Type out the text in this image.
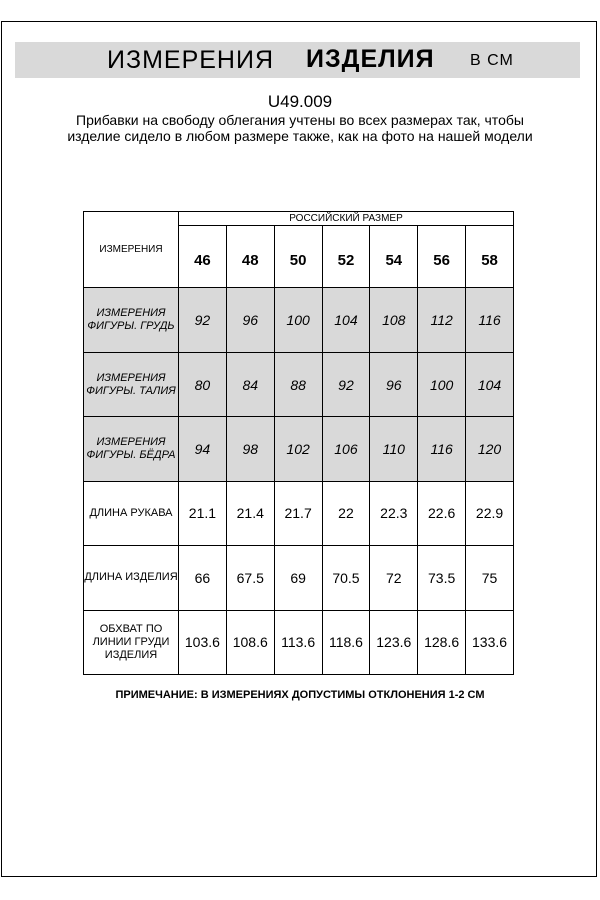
ИЗМЕРЕНИЯ ИЗДЕЛИЯ В СМ
U49.009
Прибавки на свободу облегания учтены во всех размерах так, чтобы изделие сидело в любом размере также, как на фото на нашей модели
ИЗМЕРЕНИЯ	РОССИЙСКИЙ РАЗМЕР						
	46	48	50	52	54	56	58
ИЗМЕРЕНИЯ ФИГУРЫ. ГРУДЬ	92	96	100	104	108	112	116
ИЗМЕРЕНИЯ ФИГУРЫ. ТАЛИЯ	80	84	88	92	96	100	104
ИЗМЕРЕНИЯ ФИГУРЫ. БЁДРА	94	98	102	106	110	116	120
ДЛИНА РУКАВА	21.1	21.4	21.7	22	22.3	22.6	22.9
ДЛИНА ИЗДЕЛИЯ	66	67.5	69	70.5	72	73.5	75
ОБХВАТ ПО ЛИНИИ ГРУДИ ИЗДЕЛИЯ	103.6	108.6	113.6	118.6	123.6	128.6	133.6
ПРИМЕЧАНИЕ: В ИЗМЕРЕНИЯХ ДОПУСТИМЫ ОТКЛОНЕНИЯ 1-2 СМ
